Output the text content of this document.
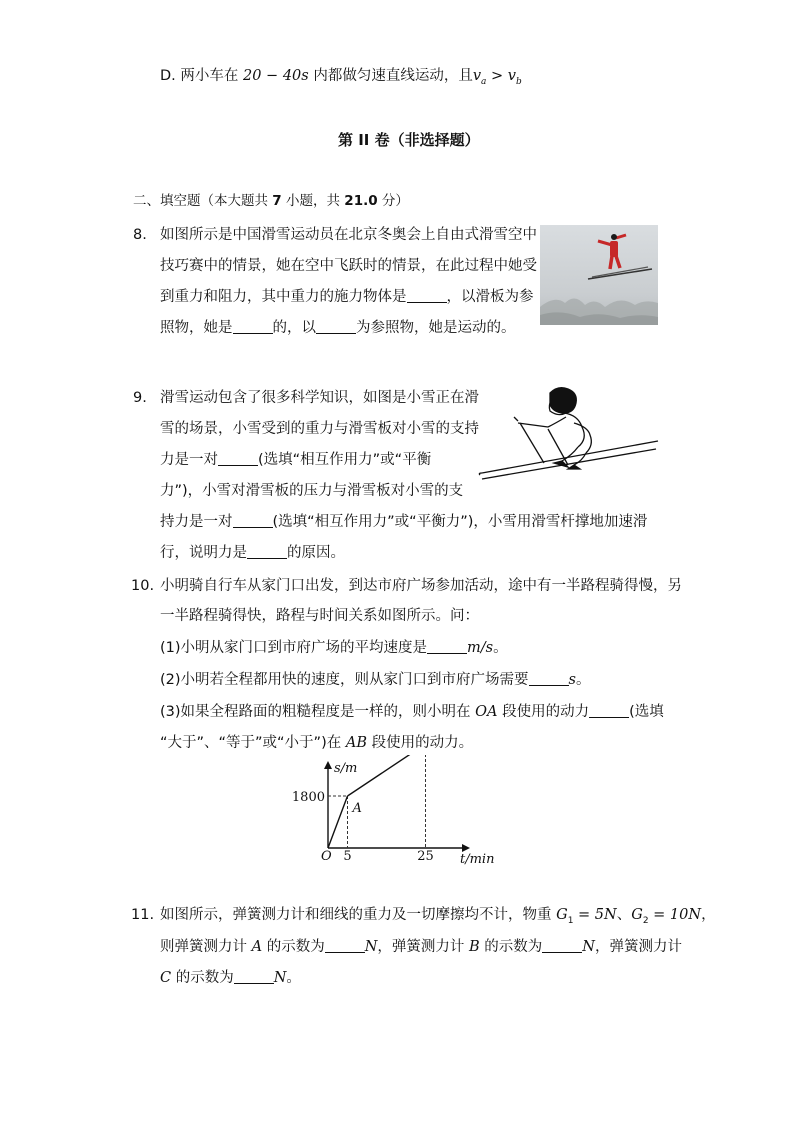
D. 两小车在 20 − 40s 内都做匀速直线运动，且$v_a > v_b$
第 II 卷（非选择题）
二、填空题（本大题共 7 小题，共 21.0 分）
8. 如图所示是中国滑雪运动员在北京冬奥会上自由式滑雪空中
技巧赛中的情景，她在空中飞跃时的情景，在此过程中她受
到重力和阻力，其中重力的施力物体是	，以滑板为参
照物，她是	的，以	为参照物，她是运动的。
9. 滑雪运动包含了很多科学知识，如图是小雪正在滑
雪的场景，小雪受到的重力与滑雪板对小雪的支持
力是一对	(选填“相互作用力”或“平衡
力”)，小雪对滑雪板的压力与滑雪板对小雪的支
持力是一对	(选填“相互作用力”或“平衡力”)，小雪用滑雪杆撑地加速滑
行，说明力是	的原因。
10. 小明骑自行车从家门口出发，到达市府广场参加活动，途中有一半路程骑得慢，另
一半路程骑得快，路程与时间关系如图所示。问：
(1)小明从家门口到市府广场的平均速度是	m/s。
(2)小明若全程都用快的速度，则从家门口到市府广场需要	s。
(3)如果全程路面的粗糙程度是一样的，则小明在 OA 段使用的动力	(选填
“大于”、“等于”或“小于”)在 AB 段使用的动力。
s/m
t/min
O
A
5	25
1800
11. 如图所示，弹簧测力计和细线的重力及一切摩擦均不计，物重 $G_1 = 5N$、$G_2 = 10N$，
则弹簧测力计 A 的示数为	N，弹簧测力计 B 的示数为	N，弹簧测力计
C 的示数为	N。
